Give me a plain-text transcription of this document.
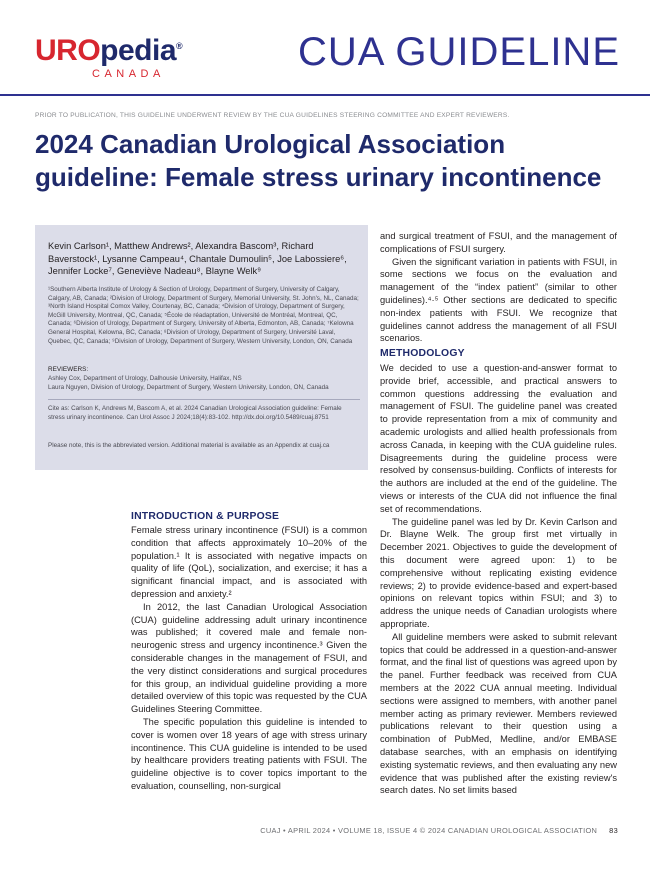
UROpedia®
CANADA	CUA GUIDELINE
PRIOR TO PUBLICATION, THIS GUIDELINE UNDERWENT REVIEW BY THE CUA GUIDELINES STEERING COMMITTEE AND EXPERT REVIEWERS.
2024 Canadian Urological Association guideline: Female stress urinary incontinence
Kevin Carlson¹, Matthew Andrews², Alexandra Bascom³, Richard Baverstock¹, Lysanne Campeau⁴, Chantale Dumoulin⁵, Joe Labossiere⁶, Jennifer Locke⁷, Geneviève Nadeau⁸, Blayne Welk⁹
¹Southern Alberta Institute of Urology & Section of Urology, Department of Surgery, University of Calgary, Calgary, AB, Canada; ²Division of Urology, Department of Surgery, Memorial University, St. John's, NL, Canada; ³North Island Hospital Comox Valley, Courtenay, BC, Canada; ⁴Division of Urology, Department of Surgery, McGill University, Montreal, QC, Canada; ⁵École de réadaptation, Université de Montréal, Montreal, QC, Canada; ⁶Division of Urology, Department of Surgery, University of Alberta, Edmonton, AB, Canada; ⁷Kelowna General Hospital, Kelowna, BC, Canada; ⁸Division of Urology, Department of Surgery, Université Laval, Quebec, QC, Canada; ⁹Division of Urology, Department of Surgery, Western University, London, ON, Canada
REVIEWERS:
Ashley Cox, Department of Urology, Dalhousie University, Halifax, NS
Laura Nguyen, Division of Urology, Department of Surgery, Western University, London, ON, Canada
Cite as: Carlson K, Andrews M, Bascom A, et al. 2024 Canadian Urological Association guideline: Female stress urinary incontinence. Can Urol Assoc J 2024;18(4):83-102. http://dx.doi.org/10.5489/cuaj.8751
Please note, this is the abbreviated version. Additional material is available as an Appendix at cuaj.ca
INTRODUCTION & PURPOSE

Female stress urinary incontinence (FSUI) is a common condition that affects approximately 10–20% of the population.¹ It is associated with negative impacts on quality of life (QoL), socialization, and exercise; it has a significant financial impact, and is associated with depression and anxiety.²

In 2012, the last Canadian Urological Association (CUA) guideline addressing adult urinary incontinence was published; it covered male and female non-neurogenic stress and urgency incontinence.³ Given the considerable changes in the management of FSUI, and the very distinct considerations and surgical procedures for this group, an individual guideline providing a more detailed overview of this topic was requested by the CUA Guidelines Steering Committee.

The specific population this guideline is intended to cover is women over 18 years of age with stress urinary incontinence. This CUA guideline is intended to be used by healthcare providers treating patients with FSUI. The guideline objective is to cover topics important to the evaluation, counselling, non-surgical

and surgical treatment of FSUI, and the management of complications of FSUI surgery.

Given the significant variation in patients with FSUI, in some sections we focus on the evaluation and management of the “index patient” (similar to other guidelines).⁴·⁵ Other sections are dedicated to specific non-index patients with FSUI. We recognize that guidelines cannot address the management of all FSUI scenarios.

METHODOLOGY

We decided to use a question-and-answer format to provide brief, accessible, and practical answers to common questions addressing the evaluation and management of FSUI. The guideline panel was created to provide representation from a mix of community and academic urologists and allied health professionals from across Canada, in keeping with the CUA guideline rules. Disagreements during the guideline process were resolved by consensus-building. Conflicts of interests for the authors are included at the end of the guideline. The views or interests of the CUA did not influence the final set of recommendations.

The guideline panel was led by Dr. Kevin Carlson and Dr. Blayne Welk. The group first met virtually in December 2021. Objectives to guide the development of this document were agreed upon: 1) to be comprehensive without replicating existing evidence reviews; 2) to provide evidence-based and expert-based opinions on relevant topics within FSUI; and 3) to address the unique needs of Canadian urologists where appropriate.

All guideline members were asked to submit relevant topics that could be addressed in a question-and-answer format, and the final list of questions was agreed upon by the panel. Further feedback was received from CUA members at the 2022 CUA annual meeting. Individual sections were assigned to members, with another panel member acting as primary reviewer. Members reviewed publications relevant to their question using a combination of PubMed, Medline, and/or EMBASE database searches, with an emphasis on identifying existing systematic reviews, and then evaluating any new evidence that was published after the existing review's search dates. No set limits based

CUAJ • APRIL 2024 • VOLUME 18, ISSUE 4 © 2024 CANADIAN UROLOGICAL ASSOCIATION 83
